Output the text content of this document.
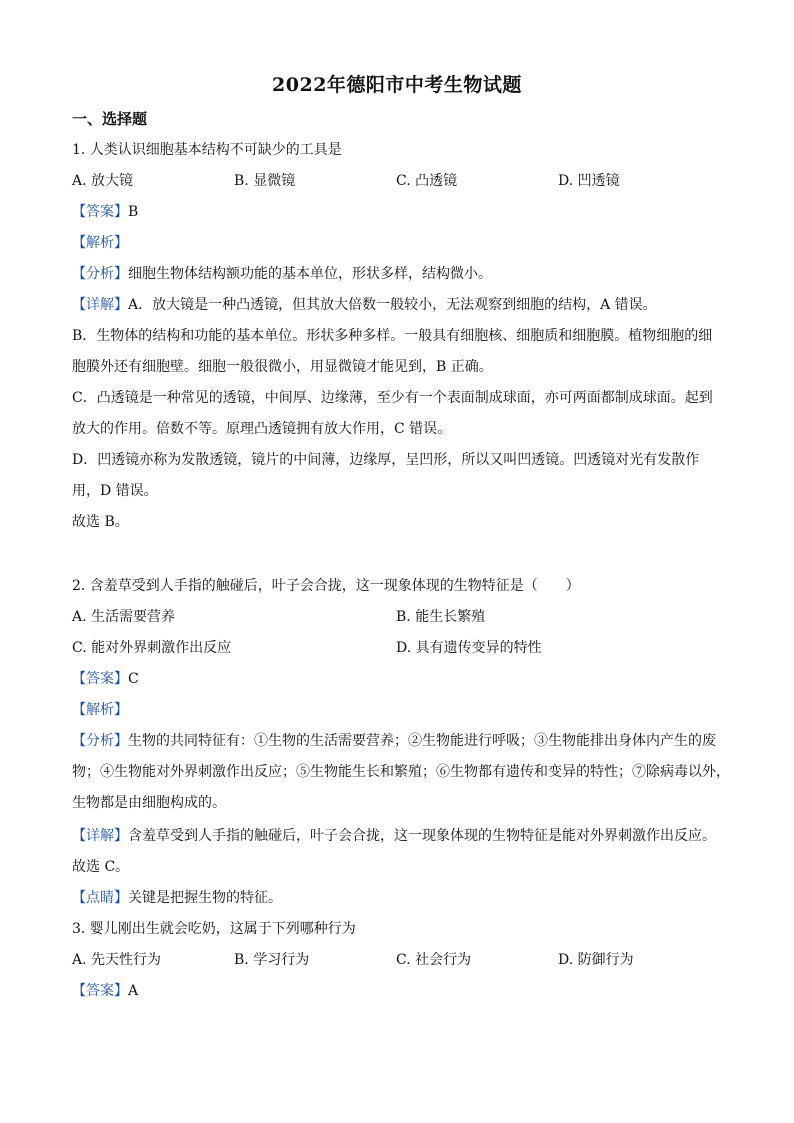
2022年德阳市中考生物试题
一、选择题
1. 人类认识细胞基本结构不可缺少的工具是
A. 放大镜	B. 显微镜	C. 凸透镜	D. 凹透镜
【答案】B
【解析】
【分析】细胞生物体结构额功能的基本单位，形状多样，结构微小。
【详解】A．放大镜是一种凸透镜，但其放大倍数一般较小，无法观察到细胞的结构，A 错误。
B．生物体的结构和功能的基本单位。形状多种多样。一般具有细胞核、细胞质和细胞膜。植物细胞的细
胞膜外还有细胞壁。细胞一般很微小，用显微镜才能见到，B 正确。
C．凸透镜是一种常见的透镜，中间厚、边缘薄，至少有一个表面制成球面，亦可两面都制成球面。起到
放大的作用。倍数不等。原理凸透镜拥有放大作用，C 错误。
D．凹透镜亦称为发散透镜，镜片的中间薄，边缘厚，呈凹形，所以又叫凹透镜。凹透镜对光有发散作
用，D 错误。
故选 B。
2. 含羞草受到人手指的触碰后，叶子会合拢，这一现象体现的生物特征是（　　）
A. 生活需要营养	B. 能生长繁殖
C. 能对外界刺激作出反应	D. 具有遗传变异的特性
【答案】C
【解析】
【分析】生物的共同特征有：①生物的生活需要营养；②生物能进行呼吸；③生物能排出身体内产生的废
物；④生物能对外界刺激作出反应；⑤生物能生长和繁殖；⑥生物都有遗传和变异的特性；⑦除病毒以外，
生物都是由细胞构成的。
【详解】含羞草受到人手指的触碰后，叶子会合拢，这一现象体现的生物特征是能对外界刺激作出反应。
故选 C。
【点睛】关键是把握生物的特征。
3. 婴儿刚出生就会吃奶，这属于下列哪种行为
A. 先天性行为	B. 学习行为	C. 社会行为	D. 防御行为
【答案】A
